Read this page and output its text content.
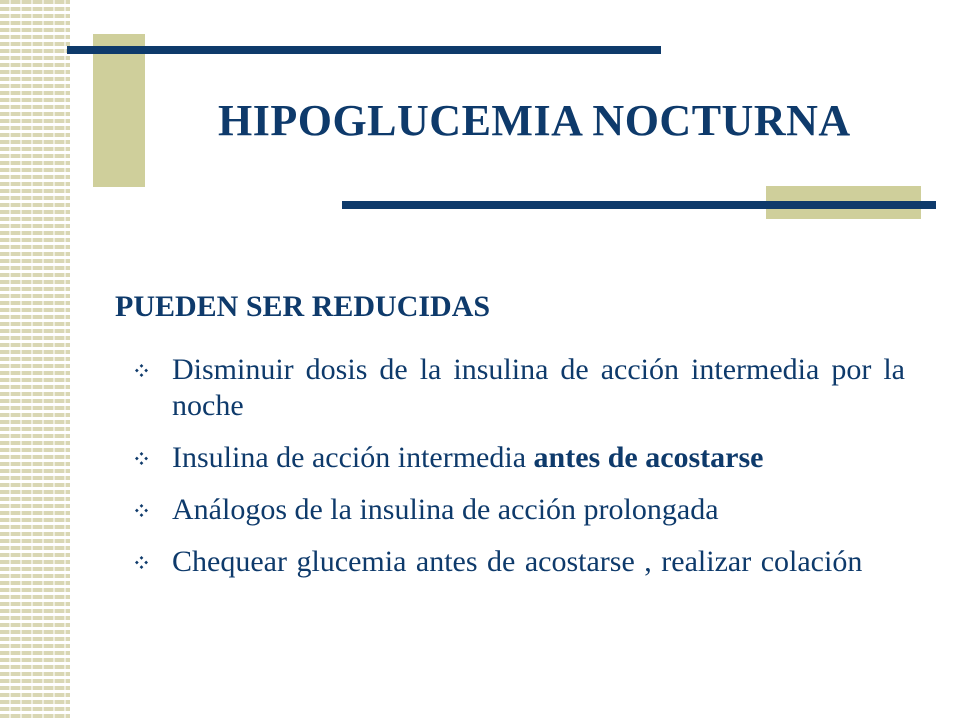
HIPOGLUCEMIA NOCTURNA
PUEDEN SER REDUCIDAS
Disminuir dosis de la insulina de acción intermedia por la noche
Insulina de acción intermedia antes de acostarse
Análogos de la insulina de acción prolongada
Chequear glucemia antes de acostarse , realizar colación
